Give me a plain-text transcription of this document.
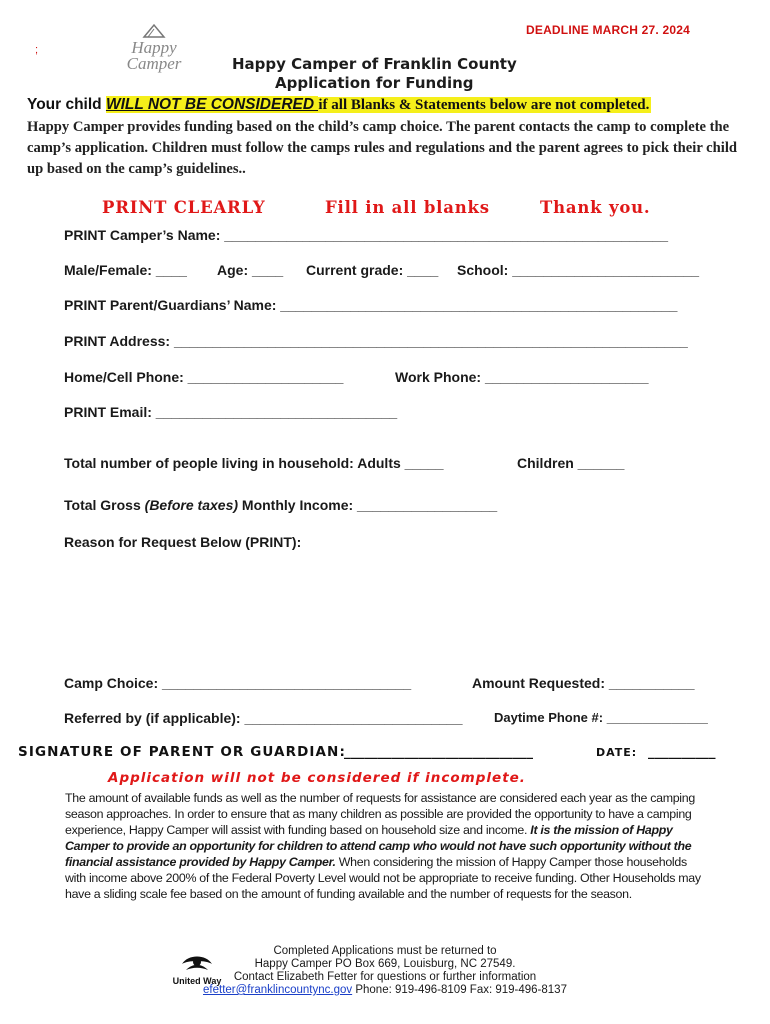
DEADLINE MARCH 27. 2024
;	Happy
Camper	Happy Camper of Franklin County
Application for Funding
Your child WILL NOT BE CONSIDERED if all Blanks & Statements below are not completed.
Happy Camper provides funding based on the child’s camp choice. The parent contacts the camp to complete the camp’s application. Children must follow the camps rules and regulations and the parent agrees to pick their child up based on the camp’s guidelines..
PRINT CLEARLY	Fill in all blanks	Thank you.
PRINT Camper’s Name: _________________________________________________________
Male/Female: ____ Age: ____ Current grade: ____ School: ________________________
PRINT Parent/Guardians’ Name: ___________________________________________________
PRINT Address: __________________________________________________________________
Home/Cell Phone: ____________________	Work Phone: _____________________
PRINT Email: _______________________________
Total number of people living in household: Adults _____	Children ______
Total Gross (Before taxes) Monthly Income: __________________
Reason for Request Below (PRINT):
Camp Choice: ________________________________	Amount Requested: ___________
Referred by (if applicable): ____________________________ Daytime Phone #: ______________
SIGNATURE OF PARENT OR GUARDIAN:
____________________________	DATE: __________
Application will not be considered if incomplete.
The amount of available funds as well as the number of requests for assistance are considered each year as the camping season approaches. In order to ensure that as many children as possible are provided the opportunity to have a camping experience, Happy Camper will assist with funding based on household size and income. It is the mission of Happy Camper to provide an opportunity for children to attend camp who would not have such opportunity without the financial assistance provided by Happy Camper. When considering the mission of Happy Camper those households with income above 200% of the Federal Poverty Level would not be appropriate to receive funding. Other Households may have a sliding scale fee based on the amount of funding available and the number of requests for the season.
United Way
Completed Applications must be returned to
Happy Camper PO Box 669, Louisburg, NC 27549.
Contact Elizabeth Fetter for questions or further information
efetter@franklincountync.gov Phone: 919-496-8109 Fax: 919-496-8137
